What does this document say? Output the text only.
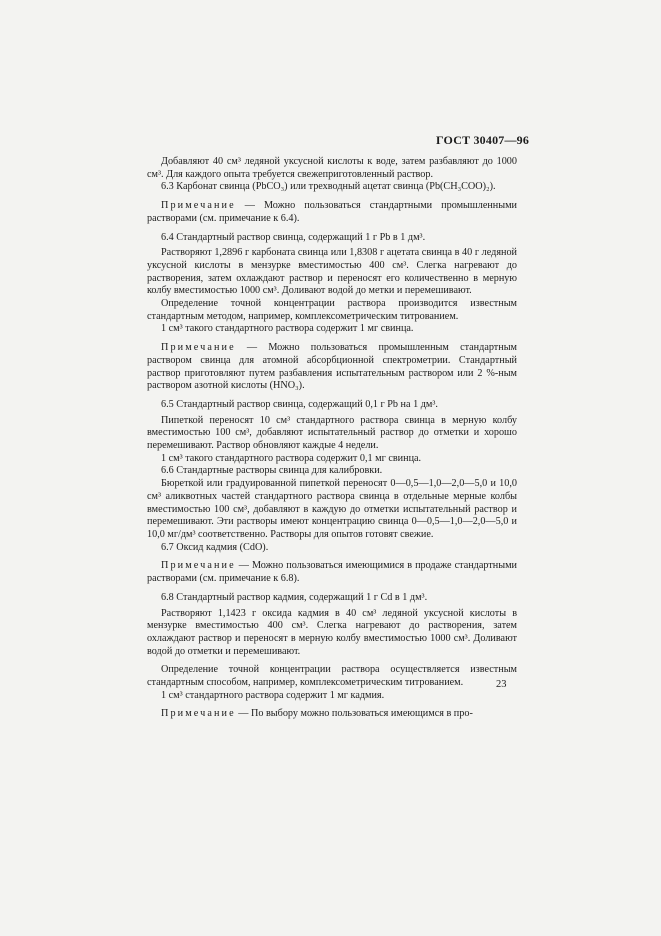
ГОСТ 30407—96

Добавляют 40 см³ ледяной уксусной кислоты к воде, затем разбавляют до 1000 см³. Для каждого опыта требуется свежеприготовленный раствор.

6.3 Карбонат свинца (PbCO₃) или трехводный ацетат свинца (Pb(CH₃COO)₂).

Примечание — Можно пользоваться стандартными промышленными растворами (см. примечание к 6.4).

6.4 Стандартный раствор свинца, содержащий 1 г Pb в 1 дм³.

Растворяют 1,2896 г карбоната свинца или 1,8308 г ацетата свинца в 40 г ледяной уксусной кислоты в мензурке вместимостью 400 см³. Слегка нагревают до растворения, затем охлаждают раствор и переносят его количественно в мерную колбу вместимостью 1000 см³. Доливают водой до метки и перемешивают.

Определение точной концентрации раствора производится известным стандартным методом, например, комплексометрическим титрованием.

1 см³ такого стандартного раствора содержит 1 мг свинца.

Примечание — Можно пользоваться промышленным стандартным раствором свинца для атомной абсорбционной спектрометрии. Стандартный раствор приготовляют путем разбавления испытательным раствором или 2 %-ным раствором азотной кислоты (HNO₃).

6.5 Стандартный раствор свинца, содержащий 0,1 г Pb на 1 дм³.

Пипеткой переносят 10 см³ стандартного раствора свинца в мерную колбу вместимостью 100 см³, добавляют испытательный раствор до отметки и хорошо перемешивают. Раствор обновляют каждые 4 недели.

1 см³ такого стандартного раствора содержит 0,1 мг свинца.

6.6 Стандартные растворы свинца для калибровки.

Бюреткой или градуированной пипеткой переносят 0—0,5—1,0—2,0—5,0 и 10,0 см³ аликвотных частей стандартного раствора свинца в отдельные мерные колбы вместимостью 100 см³, добавляют в каждую до отметки испытательный раствор и перемешивают. Эти растворы имеют концентрацию свинца 0—0,5—1,0—2,0—5,0 и 10,0 мг/дм³ соответственно. Растворы для опытов готовят свежие.

6.7 Оксид кадмия (CdO).

Примечание — Можно пользоваться имеющимися в продаже стандартными растворами (см. примечание к 6.8).

6.8 Стандартный раствор кадмия, содержащий 1 г Cd в 1 дм³.

Растворяют 1,1423 г оксида кадмия в 40 см³ ледяной уксусной кислоты в мензурке вместимостью 400 см³. Слегка нагревают до растворения, затем охлаждают раствор и переносят в мерную колбу вместимостью 1000 см³. Доливают водой до отметки и перемешивают.

Определение точной концентрации раствора осуществляется известным стандартным способом, например, комплексометрическим титрованием.

1 см³ стандартного раствора содержит 1 мг кадмия.

Примечание — По выбору можно пользоваться имеющимся в про-

23
